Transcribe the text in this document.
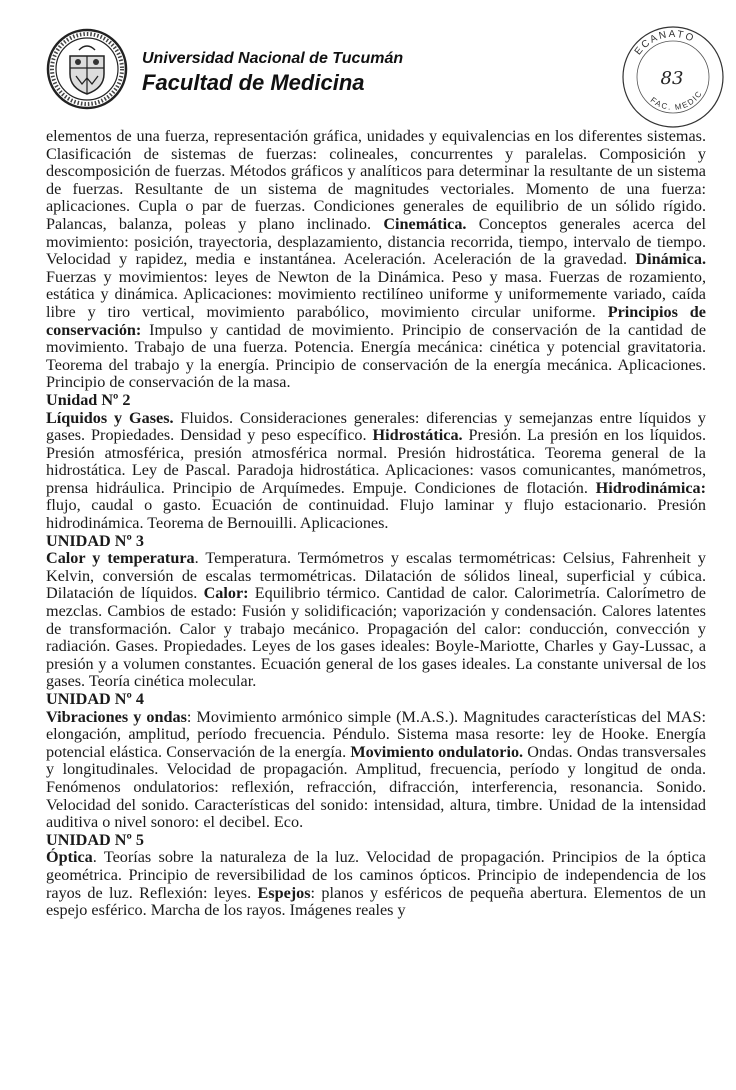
Universidad Nacional de Tucumán
Facultad de Medicina
ECANATO
FAC. MEDIC
83

elementos de una fuerza, representación gráfica, unidades y equivalencias en los diferentes sistemas. Clasificación de sistemas de fuerzas: colineales, concurrentes y paralelas. Composición y descomposición de fuerzas. Métodos gráficos y analíticos para determinar la resultante de un sistema de fuerzas. Resultante de un sistema de magnitudes vectoriales. Momento de una fuerza: aplicaciones. Cupla o par de fuerzas. Condiciones generales de equilibrio de un sólido rígido. Palancas, balanza, poleas y plano inclinado. Cinemática. Conceptos generales acerca del movimiento: posición, trayectoria, desplazamiento, distancia recorrida, tiempo, intervalo de tiempo. Velocidad y rapidez, media e instantánea. Aceleración. Aceleración de la gravedad. Dinámica. Fuerzas y movimientos: leyes de Newton de la Dinámica. Peso y masa. Fuerzas de rozamiento, estática y dinámica. Aplicaciones: movimiento rectilíneo uniforme y uniformemente variado, caída libre y tiro vertical, movimiento parabólico, movimiento circular uniforme. Principios de conservación: Impulso y cantidad de movimiento. Principio de conservación de la cantidad de movimiento. Trabajo de una fuerza. Potencia. Energía mecánica: cinética y potencial gravitatoria. Teorema del trabajo y la energía. Principio de conservación de la energía mecánica. Aplicaciones. Principio de conservación de la masa.

Unidad Nº 2

Líquidos y Gases. Fluidos. Consideraciones generales: diferencias y semejanzas entre líquidos y gases. Propiedades. Densidad y peso específico. Hidrostática. Presión. La presión en los líquidos. Presión atmosférica, presión atmosférica normal. Presión hidrostática. Teorema general de la hidrostática. Ley de Pascal. Paradoja hidrostática. Aplicaciones: vasos comunicantes, manómetros, prensa hidráulica. Principio de Arquímedes. Empuje. Condiciones de flotación. Hidrodinámica: flujo, caudal o gasto. Ecuación de continuidad. Flujo laminar y flujo estacionario. Presión hidrodinámica. Teorema de Bernouilli. Aplicaciones.

UNIDAD Nº 3

Calor y temperatura. Temperatura. Termómetros y escalas termométricas: Celsius, Fahrenheit y Kelvin, conversión de escalas termométricas. Dilatación de sólidos lineal, superficial y cúbica. Dilatación de líquidos. Calor: Equilibrio térmico. Cantidad de calor. Calorimetría. Calorímetro de mezclas. Cambios de estado: Fusión y solidificación; vaporización y condensación. Calores latentes de transformación. Calor y trabajo mecánico. Propagación del calor: conducción, convección y radiación. Gases. Propiedades. Leyes de los gases ideales: Boyle-Mariotte, Charles y Gay-Lussac, a presión y a volumen constantes. Ecuación general de los gases ideales. La constante universal de los gases. Teoría cinética molecular.

UNIDAD Nº 4

Vibraciones y ondas: Movimiento armónico simple (M.A.S.). Magnitudes características del MAS: elongación, amplitud, período frecuencia. Péndulo. Sistema masa resorte: ley de Hooke. Energía potencial elástica. Conservación de la energía. Movimiento ondulatorio. Ondas. Ondas transversales y longitudinales. Velocidad de propagación. Amplitud, frecuencia, período y longitud de onda. Fenómenos ondulatorios: reflexión, refracción, difracción, interferencia, resonancia. Sonido. Velocidad del sonido. Características del sonido: intensidad, altura, timbre. Unidad de la intensidad auditiva o nivel sonoro: el decibel. Eco.

UNIDAD Nº 5

Óptica. Teorías sobre la naturaleza de la luz. Velocidad de propagación. Principios de la óptica geométrica. Principio de reversibilidad de los caminos ópticos. Principio de independencia de los rayos de luz. Reflexión: leyes. Espejos: planos y esféricos de pequeña abertura. Elementos de un espejo esférico. Marcha de los rayos. Imágenes reales y
